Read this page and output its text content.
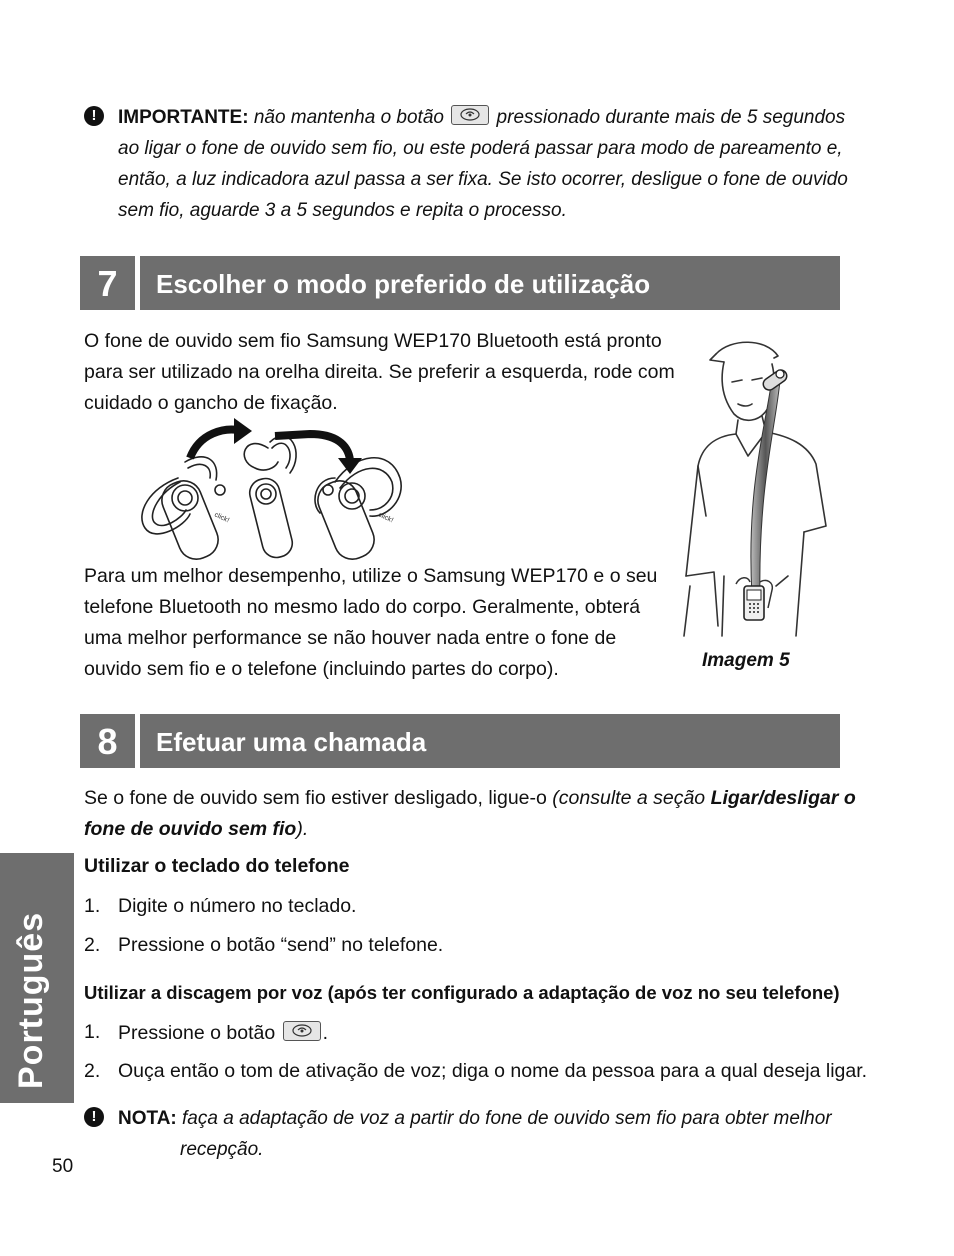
!	IMPORTANTE: não mantenha o botão	pressionado durante mais de 5 segundos
ao ligar o fone de ouvido sem fio, ou este poderá passar para modo de pareamento e,
então, a luz indicadora azul passa a ser fixa. Se isto ocorrer, desligue o fone de ouvido
sem fio, aguarde 3 a 5 segundos e repita o processo.
7	Escolher o modo preferido de utilização
O fone de ouvido sem fio Samsung WEP170 Bluetooth está pronto
para ser utilizado na orelha direita. Se preferir a esquerda, rode com
cuidado o gancho de fixação.
click!	click!
Para um melhor desempenho, utilize o Samsung WEP170 e o seu
telefone Bluetooth no mesmo lado do corpo. Geralmente, obterá
uma melhor performance se não houver nada entre o fone de
ouvido sem fio e o telefone (incluindo partes do corpo).	Imagem 5
8	Efetuar uma chamada
Se o fone de ouvido sem fio estiver desligado, ligue-o (consulte a seção Ligar/desligar o
fone de ouvido sem fio).
Utilizar o teclado do telefone
1. Digite o número no teclado.
2. Pressione o botão “send” no telefone.
Utilizar a discagem por voz (após ter configurado a adaptação de voz no seu telefone)
1. Pressione o botão .
2. Ouça então o tom de ativação de voz; diga o nome da pessoa para a qual deseja ligar.
!	NOTA: faça a adaptação de voz a partir do fone de ouvido sem fio para obter melhor
recepção.
Português
50
